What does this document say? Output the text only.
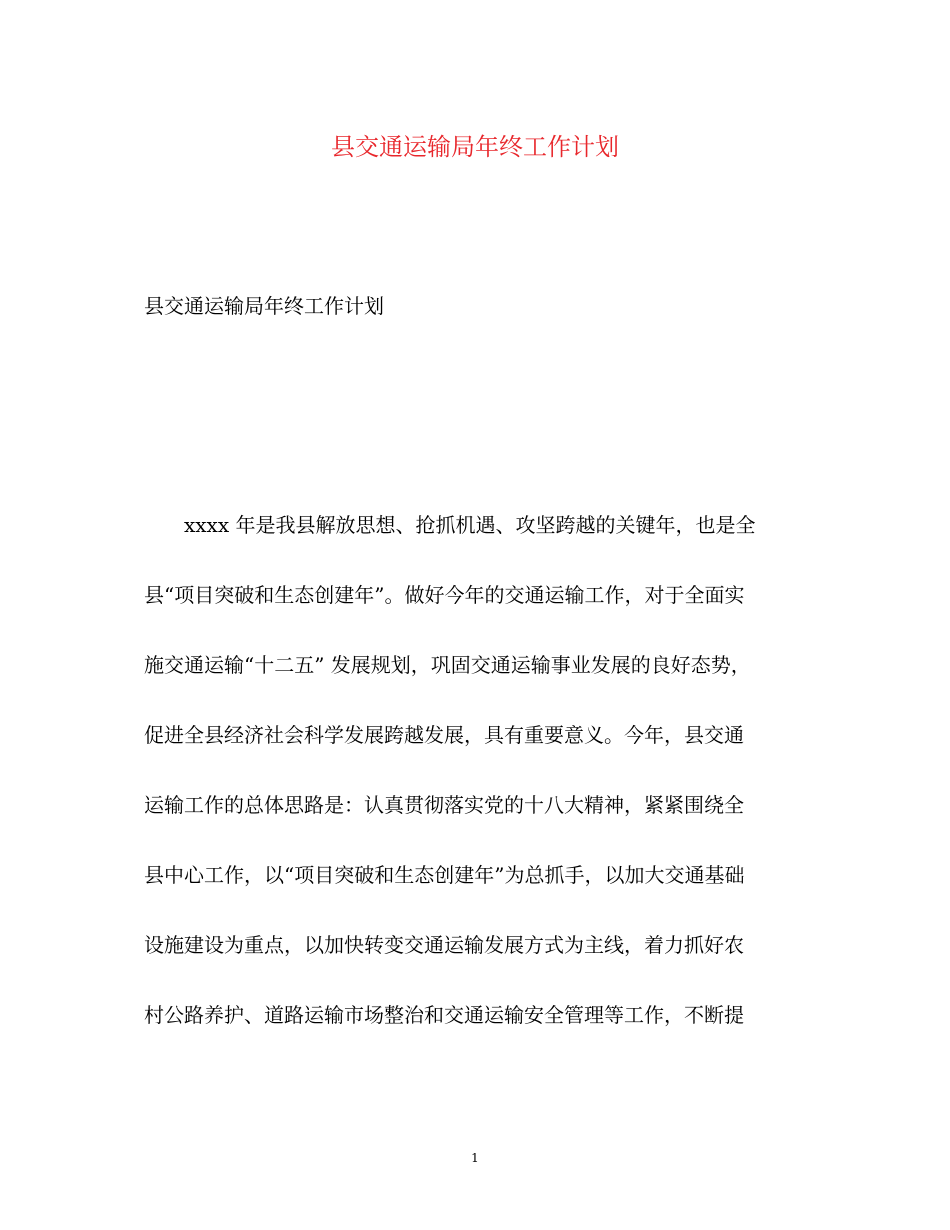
县交通运输局年终工作计划
县交通运输局年终工作计划
xxxx 年是我县解放思想、抢抓机遇、攻坚跨越的关键年，也是全
县“项目突破和生态创建年”。做好今年的交通运输工作，对于全面实
施交通运输“十二五” 发展规划，巩固交通运输事业发展的良好态势，
促进全县经济社会科学发展跨越发展，具有重要意义。今年，县交通
运输工作的总体思路是：认真贯彻落实党的十八大精神，紧紧围绕全
县中心工作，以“项目突破和生态创建年”为总抓手，以加大交通基础
设施建设为重点，以加快转变交通运输发展方式为主线，着力抓好农
村公路养护、道路运输市场整治和交通运输安全管理等工作，不断提
1
